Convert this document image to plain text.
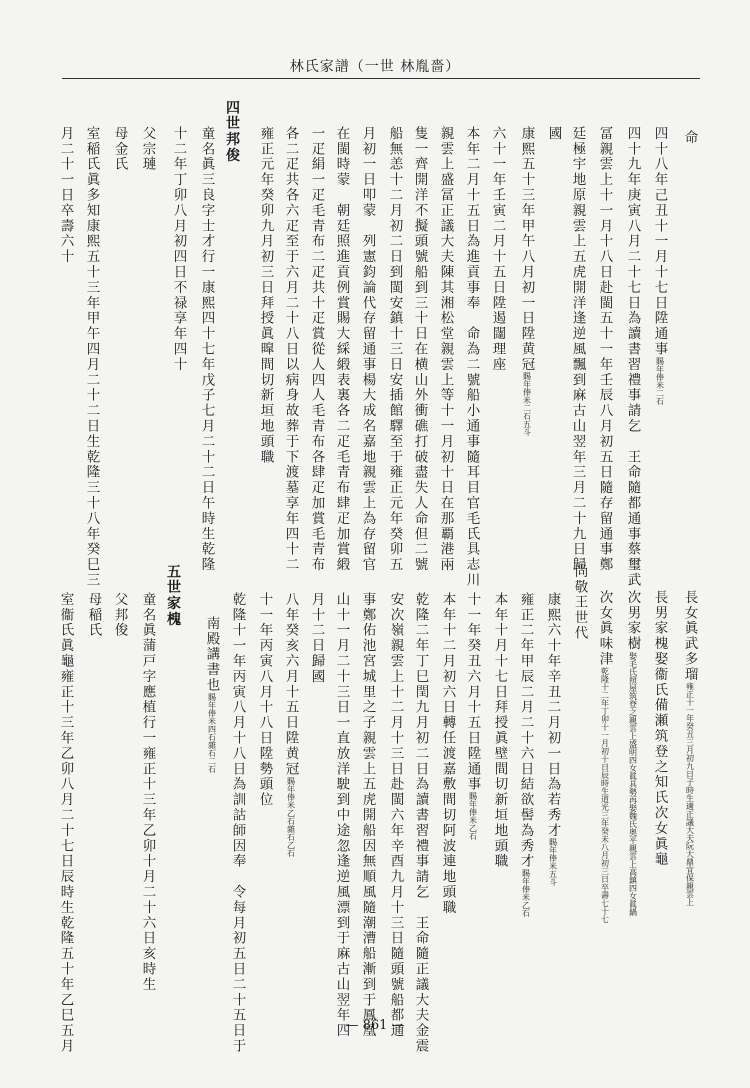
林氏家譜（一世 林胤嗇）
命
四十八年己丑十一月十七日陞通事賜年俸米二石
四十九年庚寅八月二十七日為讀書習禮事請乞　王命隨都通事蔡璽武
冨親雲上十一月十八日赴閩五十一年壬辰八月初五日隨存留通事鄭
廷極宇地原親雲上五虎開洋逢逆風飄到麻古山翌年三月二十九日歸
國
康熙五十三年甲午八月初一日陞黄冠賜年俸米二石五斗
六十一年壬寅二月十五日陞遏闥理座
本年二月十五日為進貢事奉　命為二號船小通事隨耳目官毛氏具志川
親雲上盛冨正議大夫陳其湘松堂親雲上等十一月初十日在那覇港兩
隻一齊開洋不擬頭號船到三十日在横山外衝礁打破盡失人命但二號
船無恙十二月初二日到閩安鎮十三日安插館驛至于雍正元年癸卯五
月初一日叩蒙　列憲鈞論代存留通事楊大成名嘉地親雲上為存留官
在閩時蒙　朝廷照進貢例賞賜大綵緞表裏各二疋毛青布肆疋加賞緞
一疋絹一疋毛青布二疋共十疋賞從人四人毛青布各肆疋加賞毛青布
各二疋共各六疋至于六月二十八日以病身故葬于下渡墓享年四十二
雍正元年癸卯九月初三日拜授眞曍間切新垣地頭職
四世邦俊
童名眞三良字士才行一康熙四十七年戊子七月二十二日午時生乾隆
十二年丁卯八月初四日不禄享年四十
父宗璉
母金氏
室稲氏眞多知康熙五十三年甲午四月二十二日生乾隆三十八年癸巳三
月二十一日卒壽六十
長女眞武多瑠雍正十一年癸丑三月初九日子時生適正議大夫阮大鼎宜保親雲上
長男家槐娶衞氏備瀬筑登之知氏次女眞龜
次男家樹娶毛氏照屋筑登之親雲上盛明四女眞具勢再娶魏氏奥平親雲上高鎮四女眞鍋
次女眞味津乾隆十二年丁卯十一月初十日辰時生道光三年癸未八月初三日卒壽七十七
尚敬王世代
康熙六十年辛丑二月初一日為若秀才賜年俸米五斗
雍正二年甲辰二月二十六日結欲髻為秀才賜年俸米乙石
本年十月十七日拜授眞壁間切新垣地頭職
十一年癸丑六月十五日陞通事賜年俸米乙石
本年十二月初六日轉任渡嘉敷間切阿波連地頭職
乾隆二年丁巳閏九月初二日為讀書習禮事請乞　王命隨正議大夫金震
安次嶺親雲上十二月十三日赴閩六年辛酉九月十三日隨頭號船都通
事鄭佑池宮城里之子親雲上五虎開船因無順風隨潮漕船漸到于鳳凰
山十一月二十三日一直放洋駛到中途忽逢逆風漂到于麻古山翌年四
月十二日歸國
八年癸亥六月十五日陞黄冠賜年俸米乙石雜石乙石
十一年丙寅八月十八日陞勢頭位
乾隆十一年丙寅八月十八日為訓詁師因奉　令每月初五日二十五日于
南殿講書也賜年俸米四石雜石二石
五世家槐
童名眞蒲戸字應植行一雍正十三年乙卯十月二十六日亥時生
父邦俊
母稲氏
室衞氏眞龜雍正十三年乙卯八月二十七日辰時生乾隆五十年乙巳五月	— 861 —
